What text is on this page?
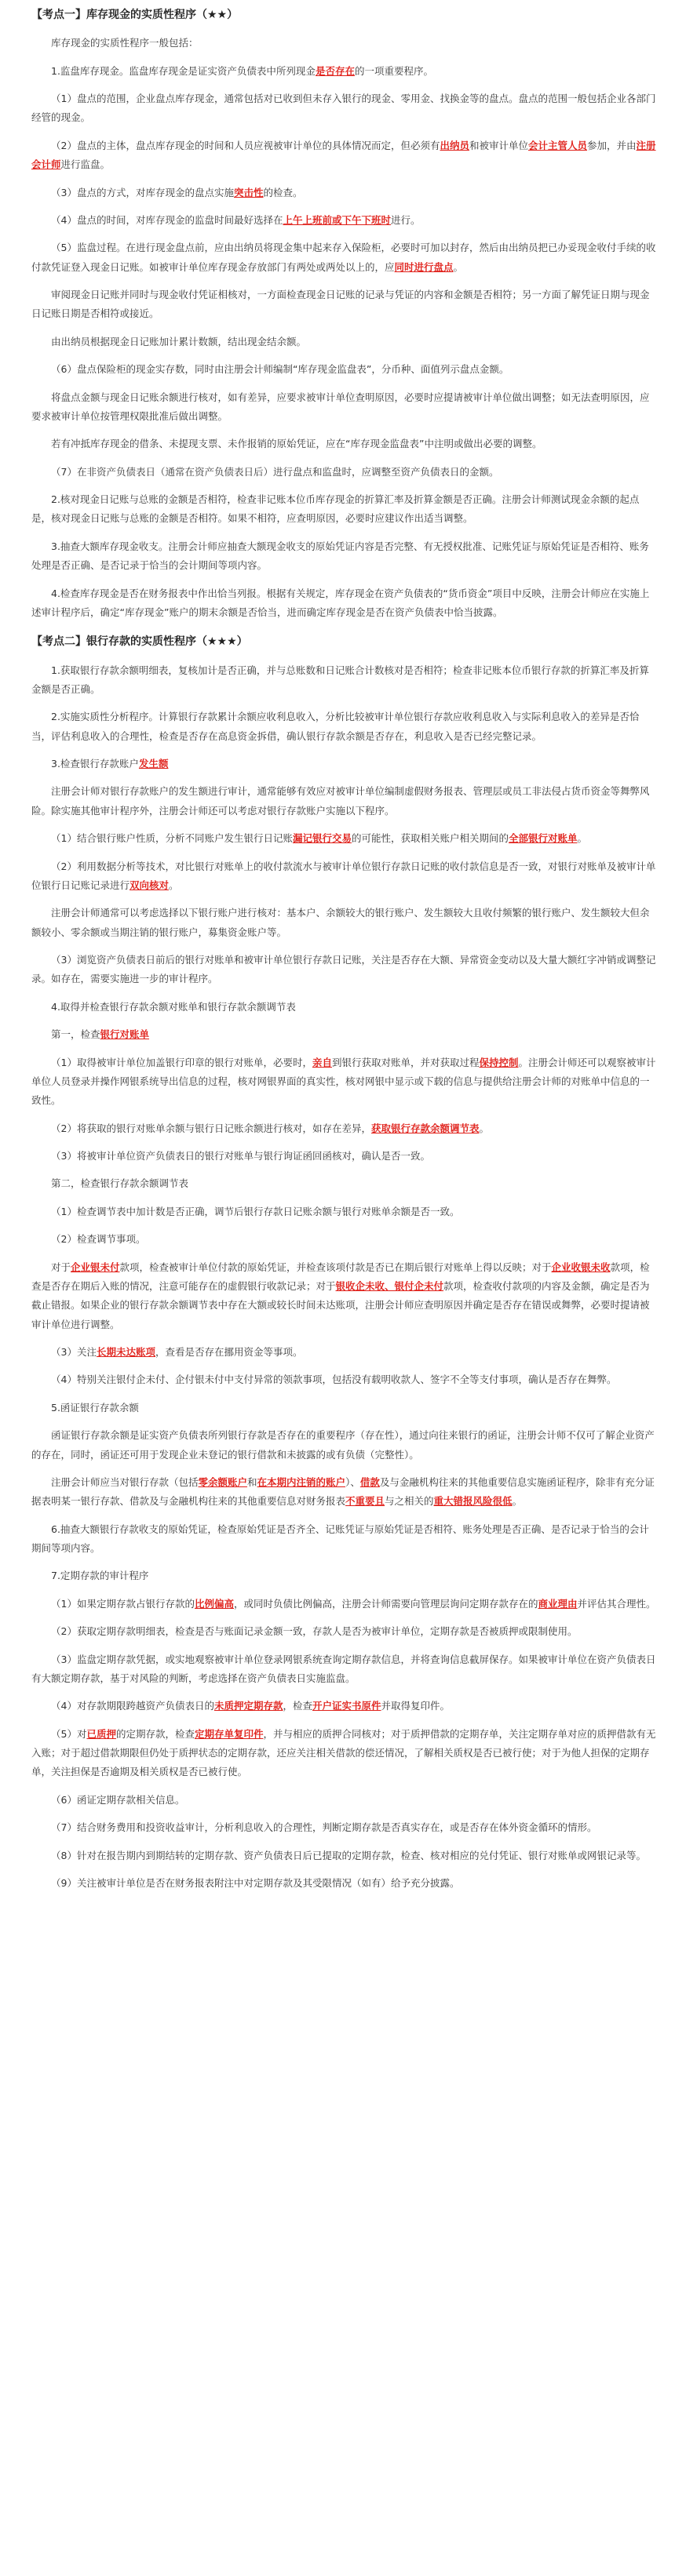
【考点一】库存现金的实质性程序（★★）
库存现金的实质性程序一般包括：
1.监盘库存现金。监盘库存现金是证实资产负债表中所列现金是否存在的一项重要程序。
（1）盘点的范围，企业盘点库存现金，通常包括对已收到但未存入银行的现金、零用金、找换金等的盘点。盘点的范围一般包括企业各部门经管的现金。
（2）盘点的主体，盘点库存现金的时间和人员应视被审计单位的具体情况而定，但必须有出纳员和被审计单位会计主管人员参加，并由注册会计师进行监盘。
（3）盘点的方式，对库存现金的盘点实施突击性的检查。
（4）盘点的时间，对库存现金的监盘时间最好选择在上午上班前或下午下班时进行。
（5）监盘过程。在进行现金盘点前，应由出纳员将现金集中起来存入保险柜，必要时可加以封存，然后由出纳员把已办妥现金收付手续的收付款凭证登入现金日记账。如被审计单位库存现金存放部门有两处或两处以上的，应同时进行盘点。
审阅现金日记账并同时与现金收付凭证相核对，一方面检查现金日记账的记录与凭证的内容和金额是否相符；另一方面了解凭证日期与现金日记账日期是否相符或接近。
由出纳员根据现金日记账加计累计数额，结出现金结余额。
（6）盘点保险柜的现金实存数，同时由注册会计师编制“库存现金监盘表”，分币种、面值列示盘点金额。
将盘点金额与现金日记账余额进行核对，如有差异，应要求被审计单位查明原因，必要时应提请被审计单位做出调整；如无法查明原因，应要求被审计单位按管理权限批准后做出调整。
若有冲抵库存现金的借条、未提现支票、未作报销的原始凭证，应在“库存现金监盘表”中注明或做出必要的调整。
（7）在非资产负债表日（通常在资产负债表日后）进行盘点和监盘时，应调整至资产负债表日的金额。
2.核对现金日记账与总账的金额是否相符，检查非记账本位币库存现金的折算汇率及折算金额是否正确。注册会计师测试现金余额的起点是，核对现金日记账与总账的金额是否相符。如果不相符，应查明原因，必要时应建议作出适当调整。
3.抽查大额库存现金收支。注册会计师应抽查大额现金收支的原始凭证内容是否完整、有无授权批准、记账凭证与原始凭证是否相符、账务处理是否正确、是否记录于恰当的会计期间等项内容。
4.检查库存现金是否在财务报表中作出恰当列报。根据有关规定，库存现金在资产负债表的“货币资金”项目中反映，注册会计师应在实施上述审计程序后，确定“库存现金”账户的期末余额是否恰当，进而确定库存现金是否在资产负债表中恰当披露。
【考点二】银行存款的实质性程序（★★★）
1.获取银行存款余额明细表，复核加计是否正确，并与总账数和日记账合计数核对是否相符；检查非记账本位币银行存款的折算汇率及折算金额是否正确。
2.实施实质性分析程序。计算银行存款累计余额应收利息收入，分析比较被审计单位银行存款应收利息收入与实际利息收入的差异是否恰当，评估利息收入的合理性，检查是否存在高息资金拆借，确认银行存款余额是否存在，利息收入是否已经完整记录。
3.检查银行存款账户发生额
注册会计师对银行存款账户的发生额进行审计，通常能够有效应对被审计单位编制虚假财务报表、管理层或员工非法侵占货币资金等舞弊风险。除实施其他审计程序外，注册会计师还可以考虑对银行存款账户实施以下程序。
（1）结合银行账户性质，分析不同账户发生银行日记账漏记银行交易的可能性，获取相关账户相关期间的全部银行对账单。
（2）利用数据分析等技术，对比银行对账单上的收付款流水与被审计单位银行存款日记账的收付款信息是否一致，对银行对账单及被审计单位银行日记账记录进行双向核对。
注册会计师通常可以考虑选择以下银行账户进行核对：基本户、余额较大的银行账户、发生额较大且收付频繁的银行账户、发生额较大但余额较小、零余额或当期注销的银行账户，募集资金账户等。
（3）浏览资产负债表日前后的银行对账单和被审计单位银行存款日记账，关注是否存在大额、异常资金变动以及大量大额红字冲销或调整记录。如存在，需要实施进一步的审计程序。
4.取得并检查银行存款余额对账单和银行存款余额调节表
第一，检查银行对账单
（1）取得被审计单位加盖银行印章的银行对账单，必要时，亲自到银行获取对账单，并对获取过程保持控制。注册会计师还可以观察被审计单位人员登录并操作网银系统导出信息的过程，核对网银界面的真实性，核对网银中显示或下载的信息与提供给注册会计师的对账单中信息的一致性。
（2）将获取的银行对账单余额与银行日记账余额进行核对，如存在差异，获取银行存款余额调节表。
（3）将被审计单位资产负债表日的银行对账单与银行询证函回函核对，确认是否一致。
第二，检查银行存款余额调节表
（1）检查调节表中加计数是否正确，调节后银行存款日记账余额与银行对账单余额是否一致。
（2）检查调节事项。
对于企业银未付款项，检查被审计单位付款的原始凭证，并检查该项付款是否已在期后银行对账单上得以反映；对于企业收银未收款项，检查是否存在期后入账的情况，注意可能存在的虚假银行收款记录；对于银收企未收、银付企未付款项，检查收付款项的内容及金额，确定是否为截止错报。如果企业的银行存款余额调节表中存在大额或较长时间未达账项，注册会计师应查明原因并确定是否存在错误或舞弊，必要时提请被审计单位进行调整。
（3）关注长期未达账项，查看是否存在挪用资金等事项。
（4）特别关注银付企未付、企付银未付中支付异常的领款事项，包括没有载明收款人、签字不全等支付事项，确认是否存在舞弊。
5.函证银行存款余额
函证银行存款余额是证实资产负债表所列银行存款是否存在的重要程序（存在性），通过向往来银行的函证，注册会计师不仅可了解企业资产的存在，同时，函证还可用于发现企业未登记的银行借款和未披露的或有负债（完整性）。
注册会计师应当对银行存款（包括零余额账户和在本期内注销的账户）、借款及与金融机构往来的其他重要信息实施函证程序，除非有充分证据表明某一银行存款、借款及与金融机构往来的其他重要信息对财务报表不重要且与之相关的重大错报风险很低。
6.抽查大额银行存款收支的原始凭证，检查原始凭证是否齐全、记账凭证与原始凭证是否相符、账务处理是否正确、是否记录于恰当的会计期间等项内容。
7.定期存款的审计程序
（1）如果定期存款占银行存款的比例偏高，或同时负债比例偏高，注册会计师需要向管理层询问定期存款存在的商业理由并评估其合理性。
（2）获取定期存款明细表，检查是否与账面记录金额一致，存款人是否为被审计单位，定期存款是否被质押或限制使用。
（3）监盘定期存款凭据，或实地观察被审计单位登录网银系统查询定期存款信息，并将查询信息截屏保存。如果被审计单位在资产负债表日有大额定期存款，基于对风险的判断，考虑选择在资产负债表日实施监盘。
（4）对存款期限跨越资产负债表日的未质押定期存款，检查开户证实书原件并取得复印件。
（5）对已质押的定期存款，检查定期存单复印件，并与相应的质押合同核对；对于质押借款的定期存单，关注定期存单对应的质押借款有无入账；对于超过借款期限但仍处于质押状态的定期存款，还应关注相关借款的偿还情况，了解相关质权是否已被行使；对于为他人担保的定期存单，关注担保是否逾期及相关质权是否已被行使。
（6）函证定期存款相关信息。
（7）结合财务费用和投资收益审计，分析利息收入的合理性，判断定期存款是否真实存在，或是否存在体外资金循环的情形。
（8）针对在报告期内到期结转的定期存款、资产负债表日后已提取的定期存款，检查、核对相应的兑付凭证、银行对账单或网银记录等。
（9）关注被审计单位是否在财务报表附注中对定期存款及其受限情况（如有）给予充分披露。
